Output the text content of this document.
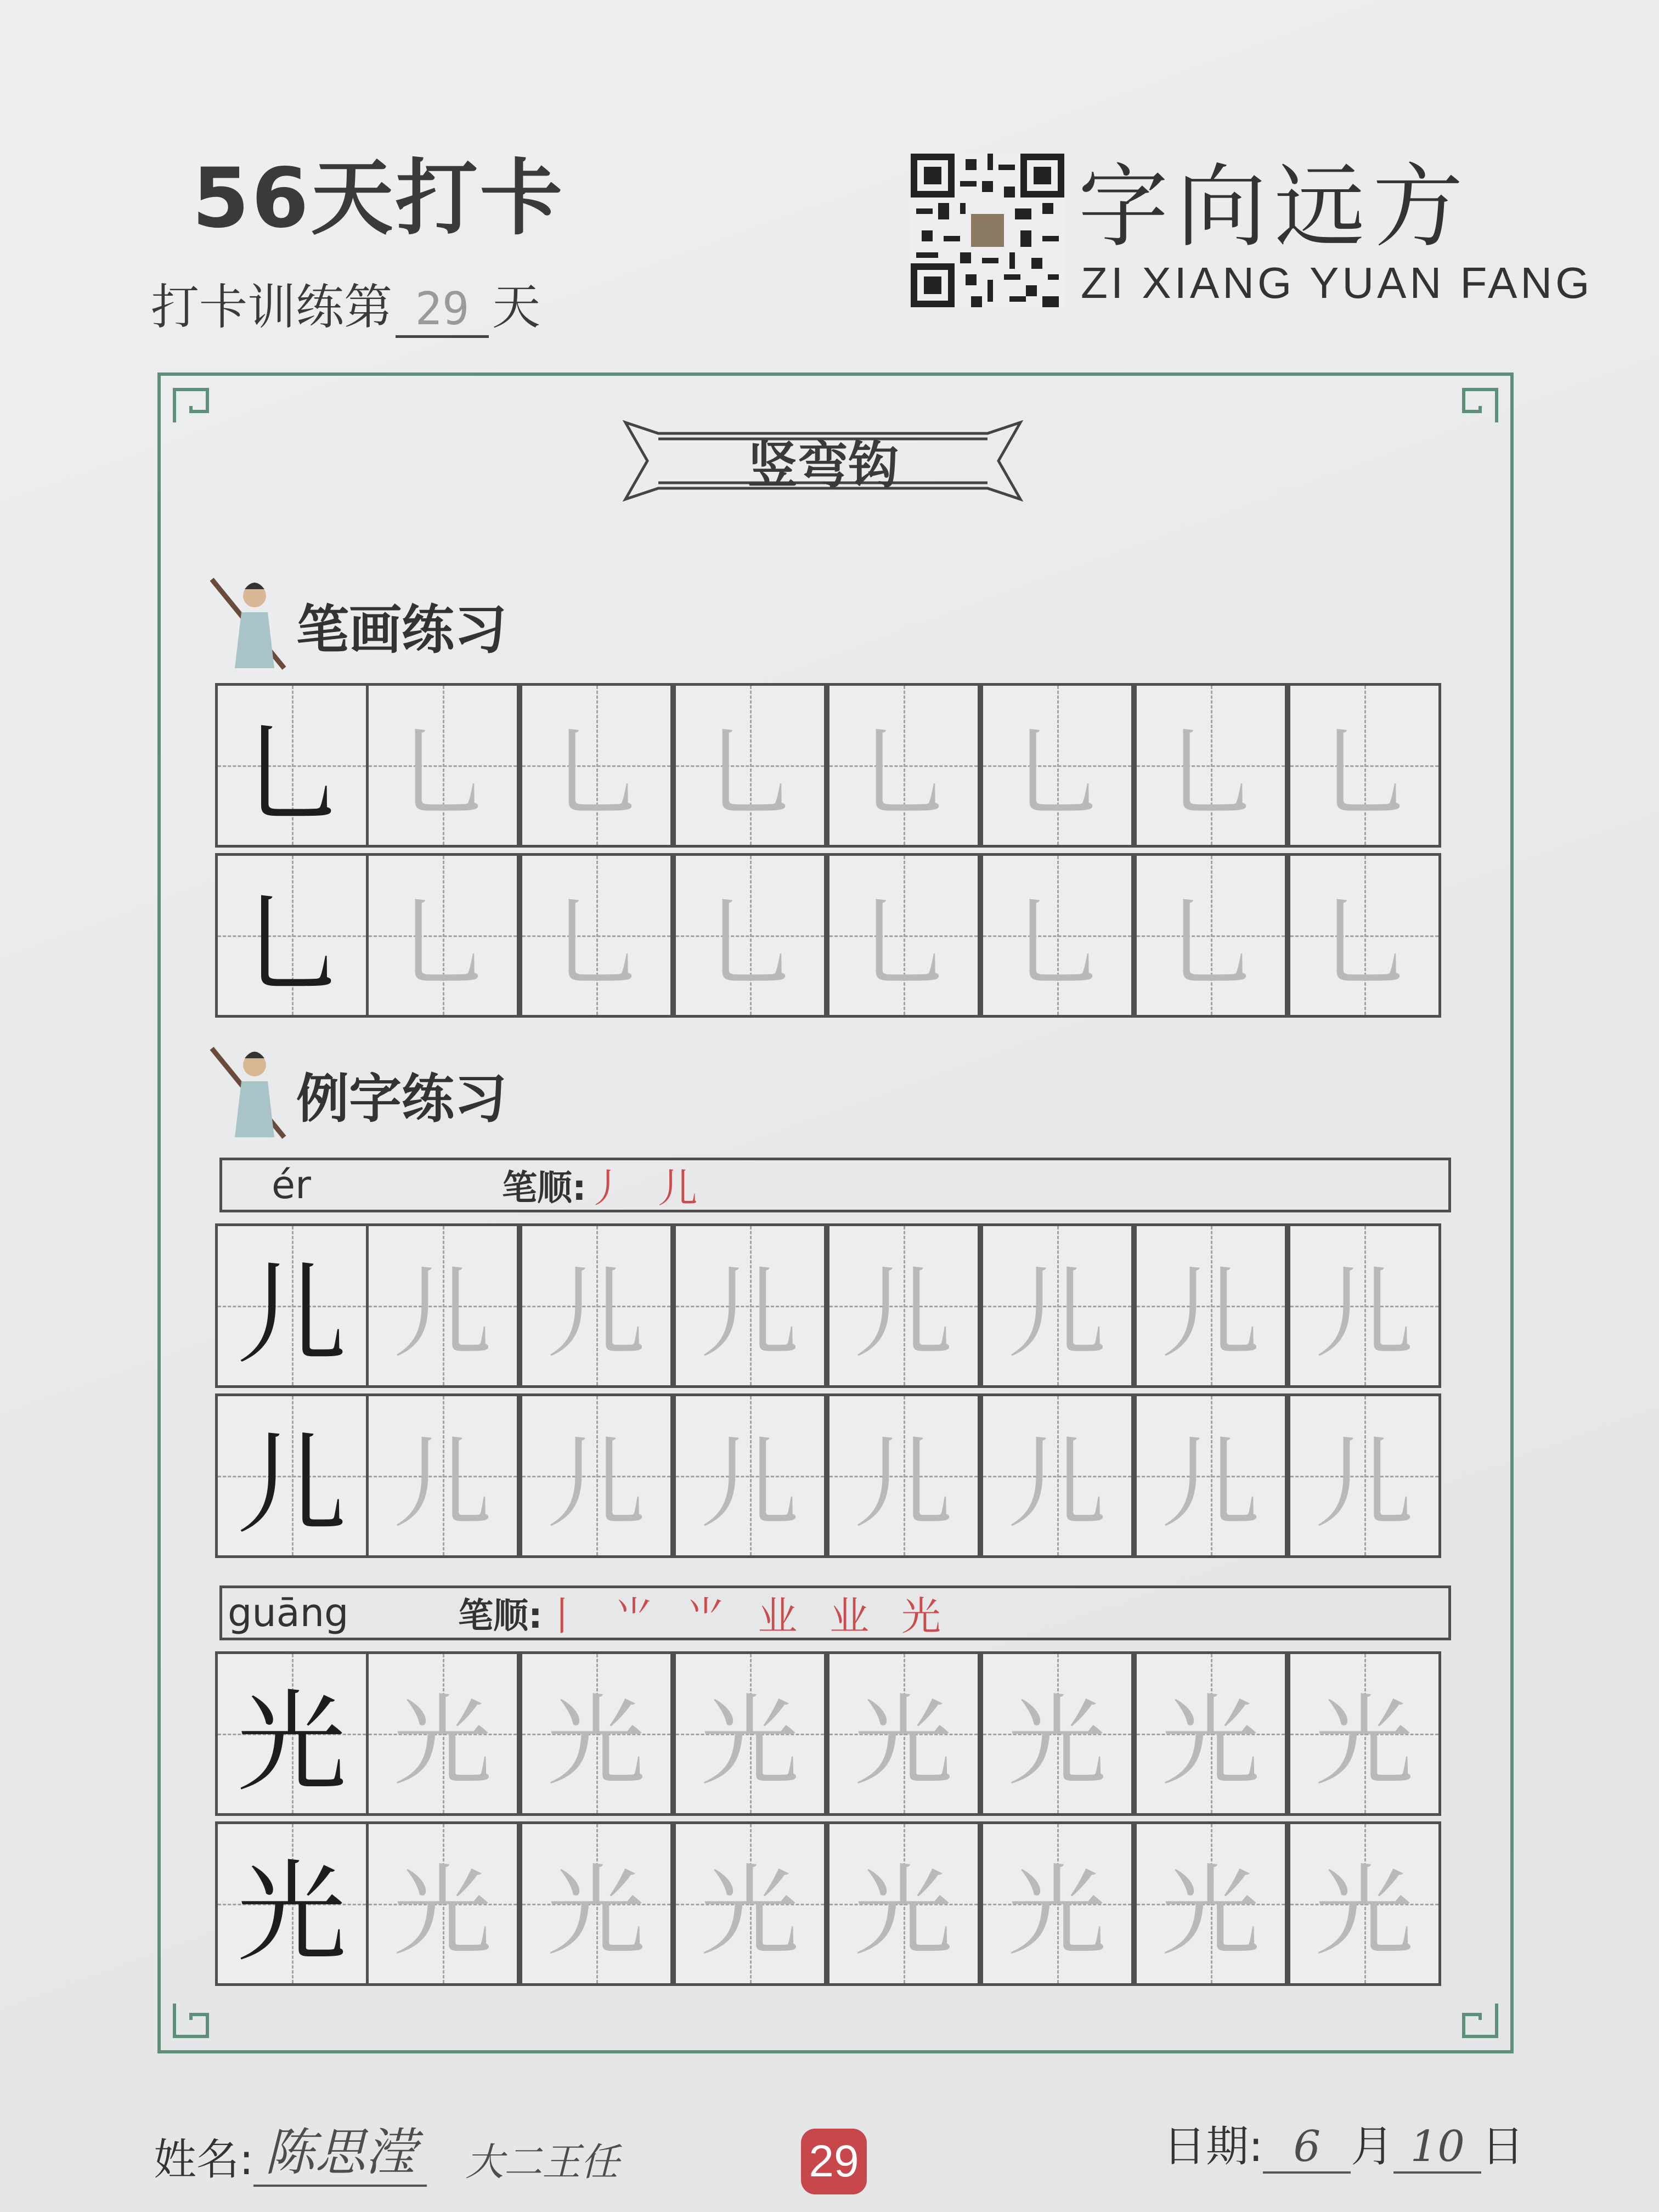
56天打卡
打卡训练第 29 天
字向远方
ZI XIANG YUAN FANG
竖弯钩
笔画练习
乚 乚 乚 乚 乚 乚 乚 乚
乚 乚 乚 乚 乚 乚 乚 乚
例字练习
ér	笔顺: 丿 儿
儿 儿 儿 儿 儿 儿 儿 儿
儿 儿 儿 儿 儿 儿 儿 儿
guāng	笔顺: 丨 ⺌ ⺌ 业 业 光
光 光 光 光 光 光 光 光
光 光 光 光 光 光 光 光
姓名: 陈思滢 大二王任	29	日期: 6 月 10 日
